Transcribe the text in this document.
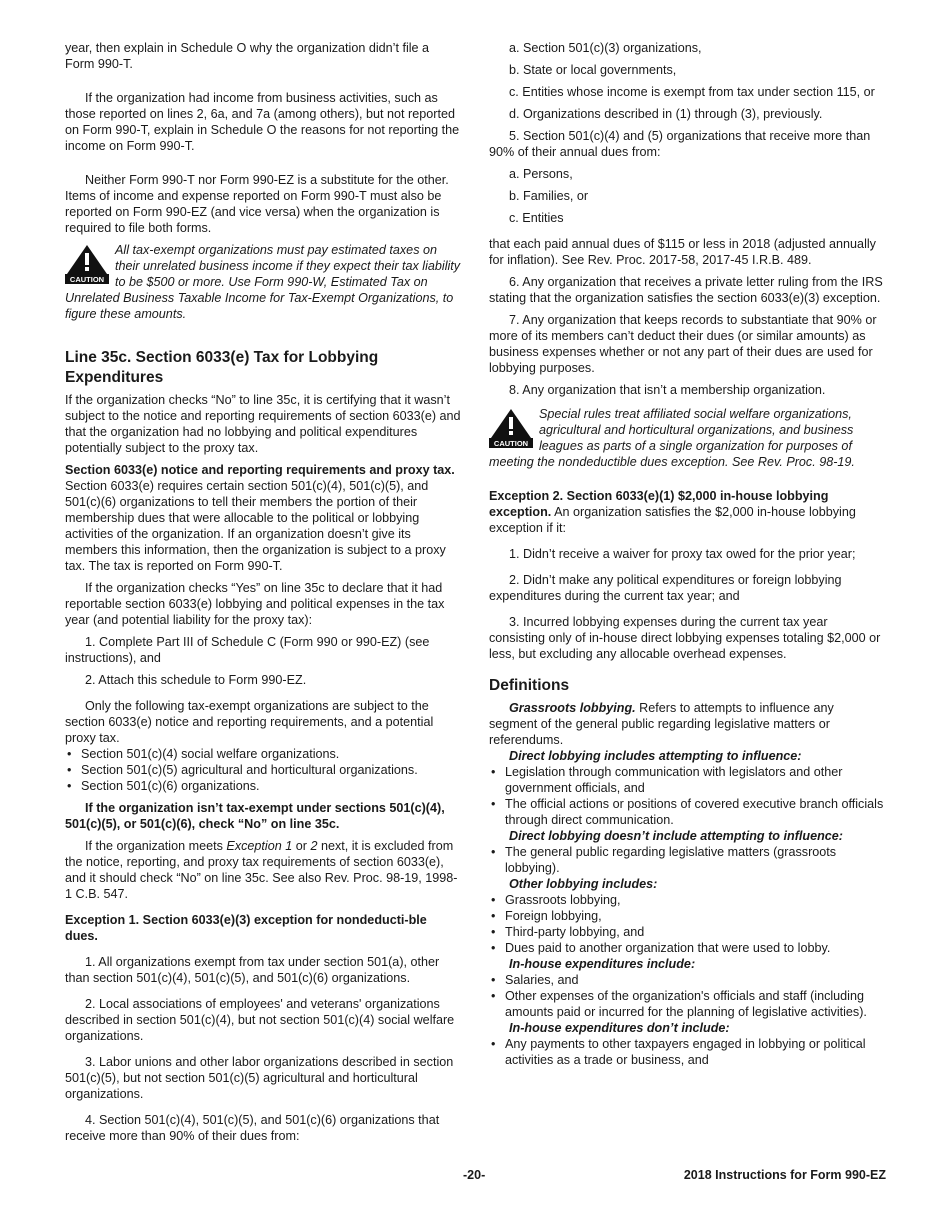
year, then explain in Schedule O why the organization didn’t file a Form 990-T.

If the organization had income from business activities, such as those reported on lines 2, 6a, and 7a (among others), but not reported on Form 990-T, explain in Schedule O the reasons for not reporting the income on Form 990-T.

Neither Form 990-T nor Form 990-EZ is a substitute for the other. Items of income and expense reported on Form 990-T must also be reported on Form 990-EZ (and vice versa) when the organization is required to file both forms.

CAUTION
All tax-exempt organizations must pay estimated taxes on their unrelated business income if they expect their tax liability to be $500 or more. Use Form 990-W, Estimated Tax on Unrelated Business Taxable Income for Tax-Exempt Organizations, to figure these amounts.
Line 35c. Section 6033(e) Tax for Lobbying Expenditures

If the organization checks “No” to line 35c, it is certifying that it wasn’t subject to the notice and reporting requirements of section 6033(e) and that the organization had no lobbying and political expenditures potentially subject to the proxy tax.

Section 6033(e) notice and reporting requirements and proxy tax. Section 6033(e) requires certain section 501(c)(4), 501(c)(5), and 501(c)(6) organizations to tell their members the portion of their membership dues that were allocable to the political or lobbying activities of the organization. If an organization doesn’t give its members this information, then the organization is subject to a proxy tax. The tax is reported on Form 990-T.

If the organization checks “Yes” on line 35c to declare that it had reportable section 6033(e) lobbying and political expenses in the tax year (and potential liability for the proxy tax):

1. Complete Part III of Schedule C (Form 990 or 990-EZ) (see instructions), and

2. Attach this schedule to Form 990-EZ.

Only the following tax-exempt organizations are subject to the section 6033(e) notice and reporting requirements, and a potential proxy tax.

• Section 501(c)(4) social welfare organizations.
• Section 501(c)(5) agricultural and horticultural organizations.
• Section 501(c)(6) organizations.

If the organization isn’t tax-exempt under sections 501(c)(4), 501(c)(5), or 501(c)(6), check “No” on line 35c.

If the organization meets Exception 1 or 2 next, it is excluded from the notice, reporting, and proxy tax requirements of section 6033(e), and it should check “No” on line 35c. See also Rev. Proc. 98-19, 1998-1 C.B. 547.

Exception 1. Section 6033(e)(3) exception for nondeducti-ble dues.

1. All organizations exempt from tax under section 501(a), other than section 501(c)(4), 501(c)(5), and 501(c)(6) organizations.

2. Local associations of employees' and veterans' organizations described in section 501(c)(4), but not section 501(c)(4) social welfare organizations.

3. Labor unions and other labor organizations described in section 501(c)(5), but not section 501(c)(5) agricultural and horticultural organizations.

4. Section 501(c)(4), 501(c)(5), and 501(c)(6) organizations that receive more than 90% of their dues from:

a. Section 501(c)(3) organizations,

b. State or local governments,

c. Entities whose income is exempt from tax under section 115, or

d. Organizations described in (1) through (3), previously.

5. Section 501(c)(4) and (5) organizations that receive more than 90% of their annual dues from:

a. Persons,

b. Families, or

c. Entities

that each paid annual dues of $115 or less in 2018 (adjusted annually for inflation). See Rev. Proc. 2017-58, 2017-45 I.R.B. 489.

6. Any organization that receives a private letter ruling from the IRS stating that the organization satisfies the section 6033(e)(3) exception.

7. Any organization that keeps records to substantiate that 90% or more of its members can’t deduct their dues (or similar amounts) as business expenses whether or not any part of their dues are used for lobbying purposes.

8. Any organization that isn’t a membership organization.

CAUTION
Special rules treat affiliated social welfare organizations, agricultural and horticultural organizations, and business leagues as parts of a single organization for purposes of meeting the nondeductible dues exception. See Rev. Proc. 98-19.

Exception 2. Section 6033(e)(1) $2,000 in-house lobbying exception. An organization satisfies the $2,000 in-house lobbying exception if it:

1. Didn’t receive a waiver for proxy tax owed for the prior year;

2. Didn’t make any political expenditures or foreign lobbying expenditures during the current tax year; and

3. Incurred lobbying expenses during the current tax year consisting only of in-house direct lobbying expenses totaling $2,000 or less, but excluding any allocable overhead expenses.

Definitions

Grassroots lobbying. Refers to attempts to influence any segment of the general public regarding legislative matters or referendums.

Direct lobbying includes attempting to influence:

• Legislation through communication with legislators and other government officials, and
• The official actions or positions of covered executive branch officials through direct communication.

Direct lobbying doesn’t include attempting to influence:

• The general public regarding legislative matters (grassroots lobbying).

Other lobbying includes:

• Grassroots lobbying,
• Foreign lobbying,
• Third-party lobbying, and
• Dues paid to another organization that were used to lobby.

In-house expenditures include:

• Salaries, and
• Other expenses of the organization's officials and staff (including amounts paid or incurred for the planning of legislative activities).

In-house expenditures don’t include:

• Any payments to other taxpayers engaged in lobbying or political activities as a trade or business, and
-20-	2018 Instructions for Form 990-EZ
